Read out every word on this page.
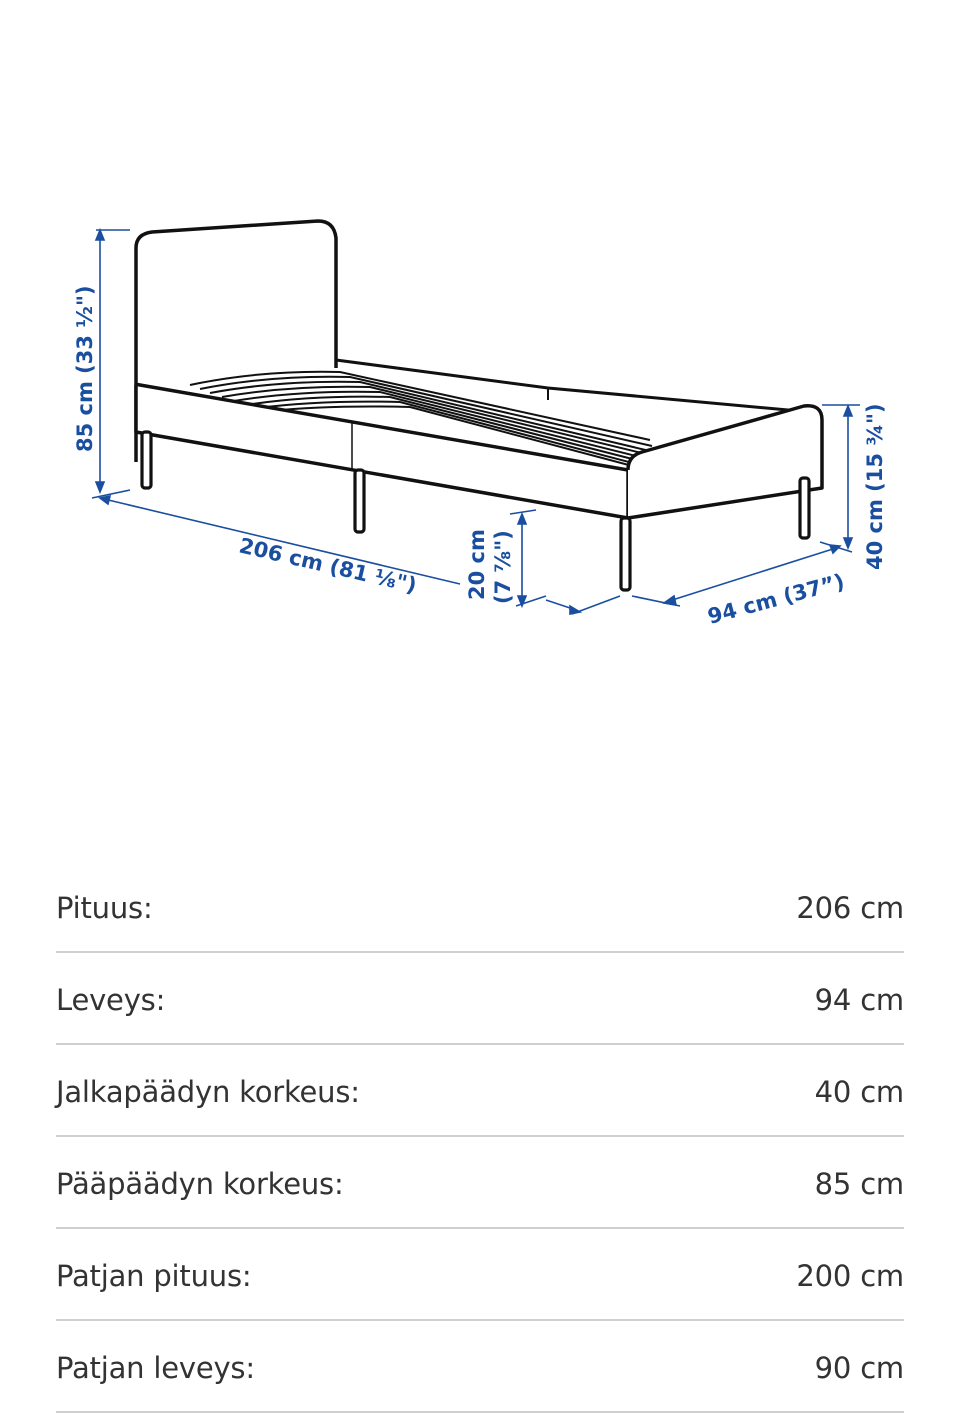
85 cm (33 ½")
206 cm (81 ⅛") 20 cm (7 ⅞")	94 cm (37”)
40 cm (15 ¾")
Pituus:	206 cm
Leveys:	94 cm
Jalkapäädyn korkeus:	40 cm
Pääpäädyn korkeus:	85 cm
Patjan pituus:	200 cm
Patjan leveys:	90 cm
